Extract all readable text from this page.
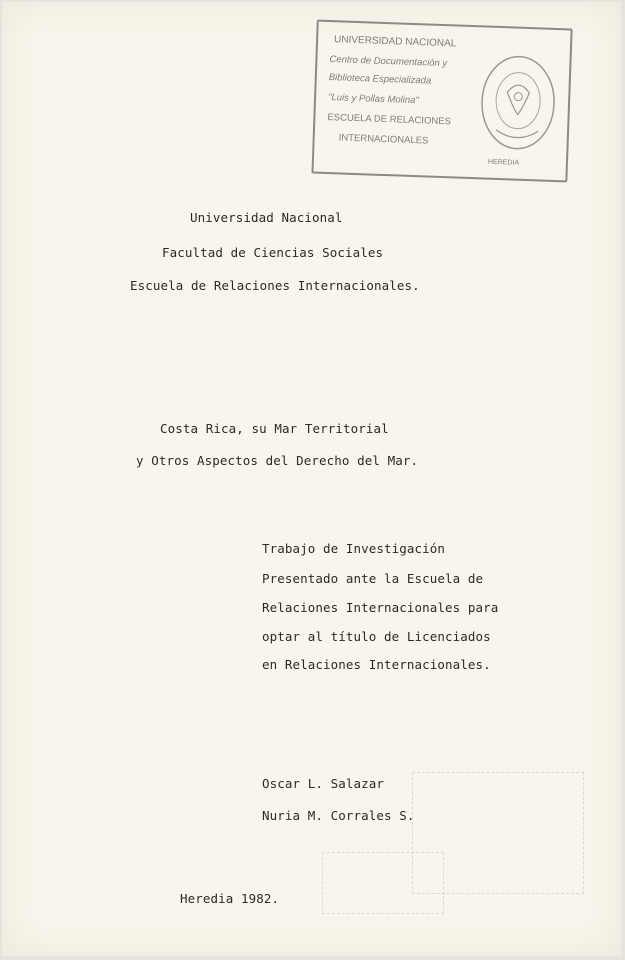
UNIVERSIDAD NACIONAL
Centro de Documentación y
Biblioteca Especializada
"Luis y Pollas Molina"
ESCUELA DE RELACIONES
INTERNACIONALES
HEREDIA
Universidad Nacional
Facultad de Ciencias Sociales
Escuela de Relaciones Internacionales.
Costa Rica, su Mar Territorial
y Otros Aspectos del Derecho del Mar.
Trabajo de Investigación
Presentado ante la Escuela de
Relaciones Internacionales para
optar al título de Licenciados
en Relaciones Internacionales.
Oscar L. Salazar
Nuria M. Corrales S.
Heredia 1982.
